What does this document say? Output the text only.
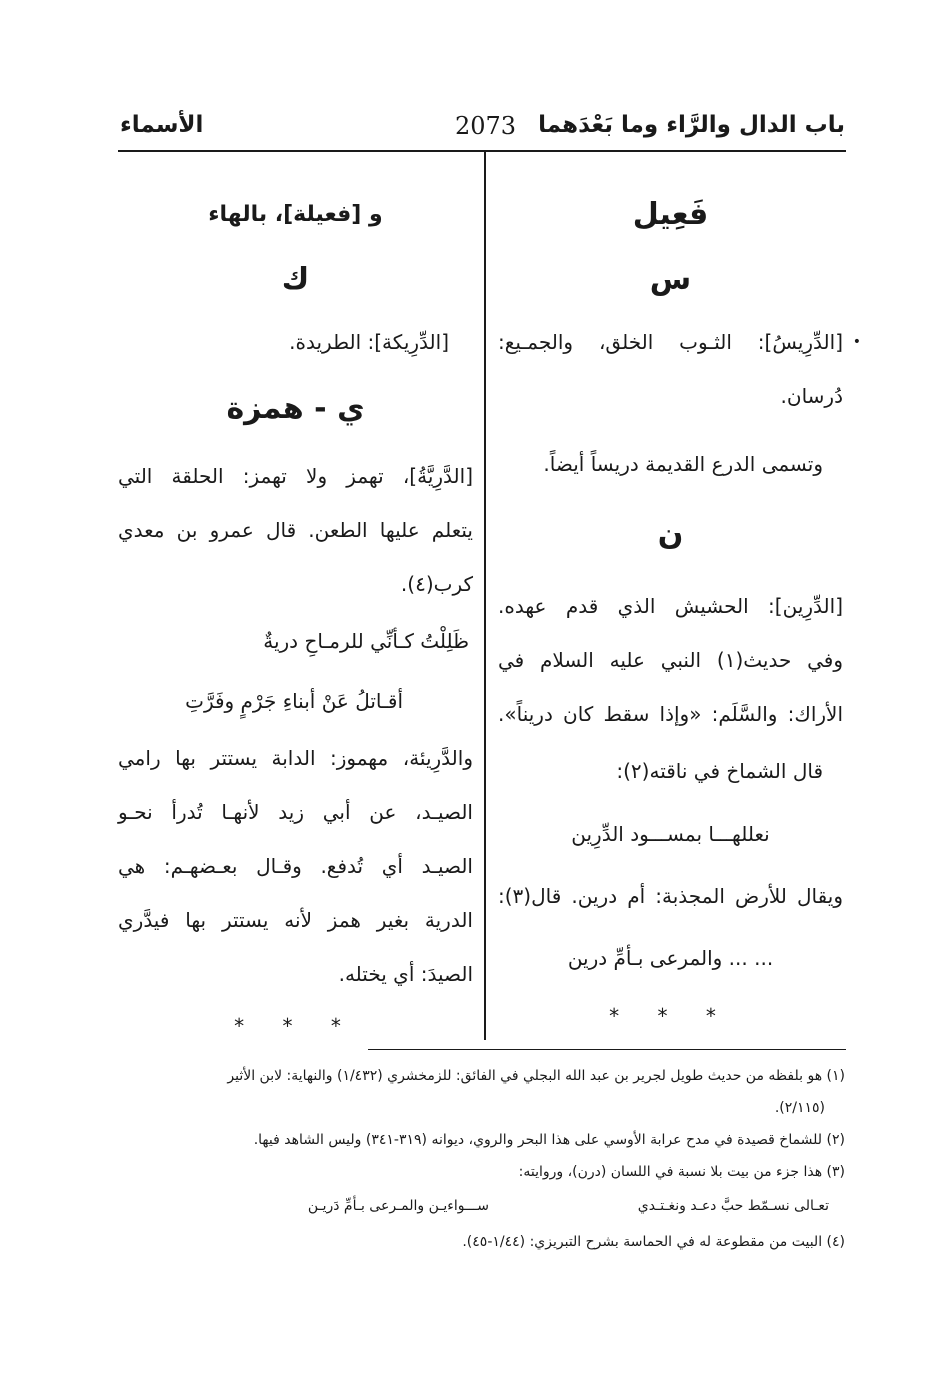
باب الدال والرَّاء وما بَعْدَهما
2073
الأسماء

فَعِيل

س

•

[الدِّرِيسُ]: الثـوب الخلق، والجمـيع:

دُرسان.

وتسمى الدرع القديمة دريساً أيضاً.

ن

[الدِّرِين]: الحشيش الذي قدم عهده.

وفي حديث(١) النبي عليه السلام في

الأراك: والسَّلَم: «وإذا سقط كان دريناً».

قال الشماخ في ناقته(٢):

نعللهـــا بمســـود الدِّرِين

ويقال للأرض المجذبة: أم درين. قال(٣):

... ... والمرعى بـأمِّ درين

* * *

و [فعيلة]، بالهاء

ك

[الدِّرِيكة]: الطريدة.

ي - همزة

[الدَّرِيَّةُ]، تهمز ولا تهمز: الحلقة التي

يتعلم عليها الطعن. قال عمرو بن معدي

كرب(٤).

ظَلِلْتُ كـأنِّي للرمـاحِ دريةٌ

أقـاتلُ عَنْ أبناءِ جَرْمٍ وفَرَّتِ

والدَّرِيئة، مهموز: الدابة يستتر بها رامي

الصيـد، عن أبي زيد لأنهـا تُدرأ نحـو

الصيـد أي تُدفع. وقـال بعـضهـم: هي

الدرية بغير همز لأنه يستتر بها فيدَّري

الصيدَ: أي يختله.

* * *
(١) هو بلفظه من حديث طويل لجرير بن عبد الله البجلي في الفائق: للزمخشري (١/٤٣٢) والنهاية: لابن الأثير
(٢/١١٥).
(٢) للشماخ قصيدة في مدح عرابة الأوسي على هذا البحر والروي، ديوانه (٣١٩-٣٤١) وليس الشاهد فيها.
(٣) هذا جزء من بيت بلا نسبة في اللسان (درن)، وروايته:
تعـالى نسـمّط حبَّ دعـد ونغـتـدي
ســـواءيـن والمـرعى بـأمِّ دَريـن
(٤) البيت من مقطوعة له في الحماسة بشرح التبريزي: (١/٤٤-٤٥).
